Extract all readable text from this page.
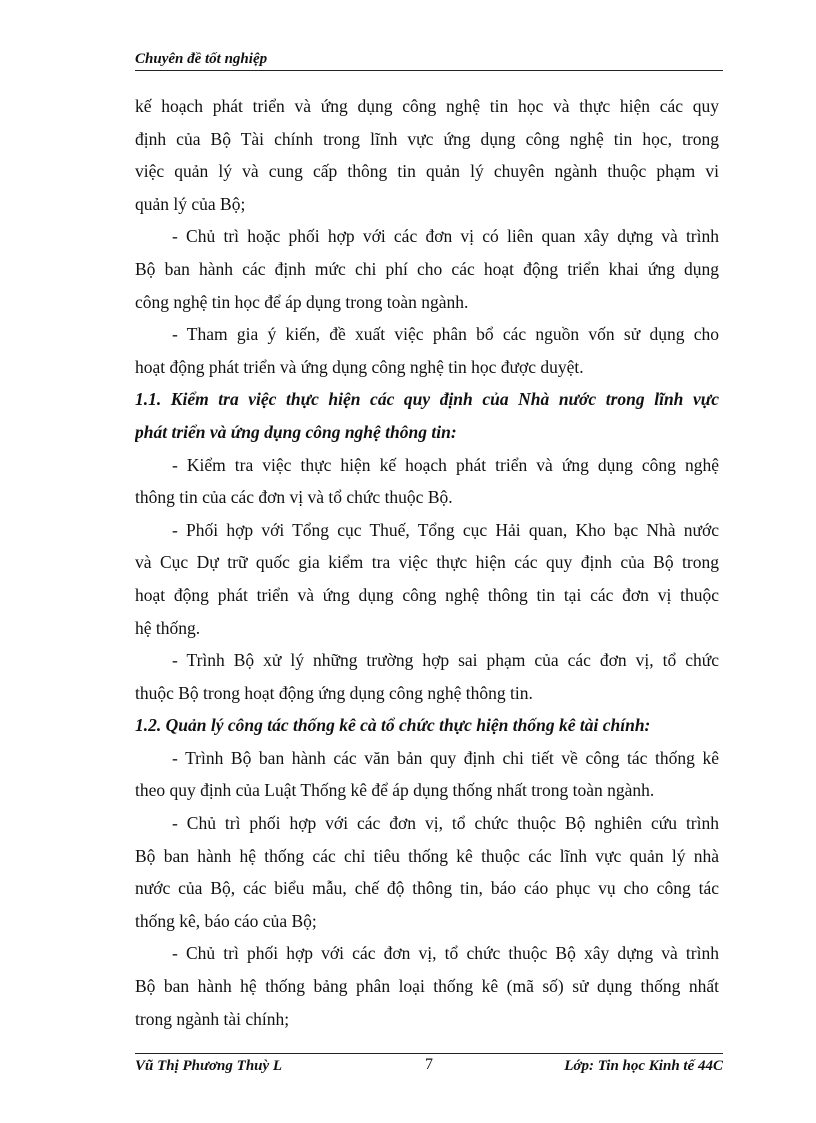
Chuyên đề tốt nghiệp
kế hoạch phát triển và ứng dụng công nghệ tin học và thực hiện các quy
định của Bộ Tài chính trong lĩnh vực ứng dụng công nghệ tin học, trong
việc quản lý và cung cấp thông tin quản lý chuyên ngành thuộc phạm vi
quản lý của Bộ;
- Chủ trì hoặc phối hợp với các đơn vị có liên quan xây dựng và trình
Bộ ban hành các định mức chi phí cho các hoạt động triển khai ứng dụng
công nghệ tin học để áp dụng trong toàn ngành.
- Tham gia ý kiến, đề xuất việc phân bổ các nguồn vốn sử dụng cho
hoạt động phát triển và ứng dụng công nghệ tin học được duyệt.
1.1. Kiểm tra việc thực hiện các quy định của Nhà nước trong lĩnh vực
phát triển và ứng dụng công nghệ thông tin:
- Kiểm tra việc thực hiện kế hoạch phát triển và ứng dụng công nghệ
thông tin của các đơn vị và tổ chức thuộc Bộ.
- Phối hợp với Tổng cục Thuế, Tổng cục Hải quan, Kho bạc Nhà nước
và Cục Dự trữ quốc gia kiểm tra việc thực hiện các quy định của Bộ trong
hoạt động phát triển và ứng dụng công nghệ thông tin tại các đơn vị thuộc
hệ thống.
- Trình Bộ xử lý những trường hợp sai phạm của các đơn vị, tổ chức
thuộc Bộ trong hoạt động ứng dụng công nghệ thông tin.
1.2. Quản lý công tác thống kê cà tổ chức thực hiện thống kê tài chính:
- Trình Bộ ban hành các văn bản quy định chi tiết về công tác thống kê
theo quy định của Luật Thống kê để áp dụng thống nhất trong toàn ngành.
- Chủ trì phối hợp với các đơn vị, tổ chức thuộc Bộ nghiên cứu trình
Bộ ban hành hệ thống các chỉ tiêu thống kê thuộc các lĩnh vực quản lý nhà
nước của Bộ, các biểu mẫu, chế độ thông tin, báo cáo phục vụ cho công tác
thống kê, báo cáo của Bộ;
- Chủ trì phối hợp với các đơn vị, tổ chức thuộc Bộ xây dựng và trình
Bộ ban hành hệ thống bảng phân loại thống kê (mã số) sử dụng thống nhất
trong ngành tài chính;
Vũ Thị Phương Thuỳ L	7	Lớp: Tin học Kinh tế 44C
